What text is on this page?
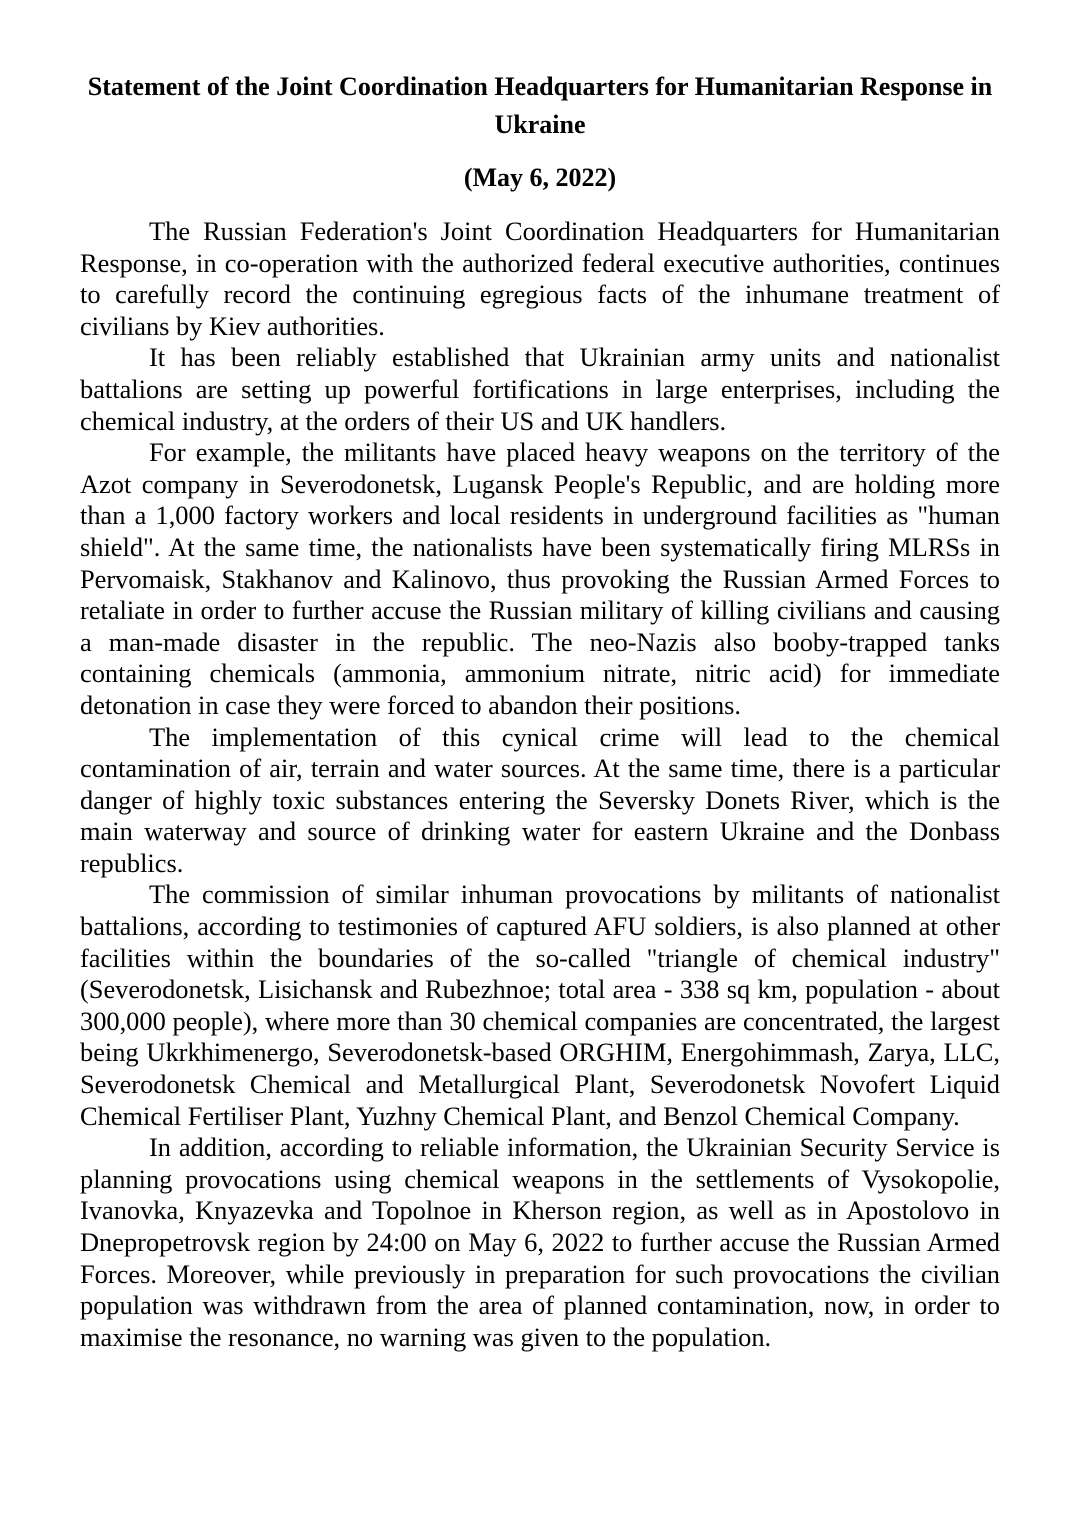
Statement of the Joint Coordination Headquarters for Humanitarian Response in Ukraine
(May 6, 2022)

The Russian Federation's Joint Coordination Headquarters for Humanitarian Response, in co-operation with the authorized federal executive authorities, continues to carefully record the continuing egregious facts of the inhumane treatment of civilians by Kiev authorities.

It has been reliably established that Ukrainian army units and nationalist battalions are setting up powerful fortifications in large enterprises, including the chemical industry, at the orders of their US and UK handlers.

For example, the militants have placed heavy weapons on the territory of the Azot company in Severodonetsk, Lugansk People's Republic, and are holding more than a 1,000 factory workers and local residents in underground facilities as "human shield". At the same time, the nationalists have been systematically firing MLRSs in Pervomaisk, Stakhanov and Kalinovo, thus provoking the Russian Armed Forces to retaliate in order to further accuse the Russian military of killing civilians and causing a man-made disaster in the republic. The neo-Nazis also booby-trapped tanks containing chemicals (ammonia, ammonium nitrate, nitric acid) for immediate detonation in case they were forced to abandon their positions.

The implementation of this cynical crime will lead to the chemical contamination of air, terrain and water sources. At the same time, there is a particular danger of highly toxic substances entering the Seversky Donets River, which is the main waterway and source of drinking water for eastern Ukraine and the Donbass republics.

The commission of similar inhuman provocations by militants of nationalist battalions, according to testimonies of captured AFU soldiers, is also planned at other facilities within the boundaries of the so-called "triangle of chemical industry" (Severodonetsk, Lisichansk and Rubezhnoe; total area - 338 sq km, population - about 300,000 people), where more than 30 chemical companies are concentrated, the largest being Ukrkhimenergo, Severodonetsk-based ORGHIM, Energohimmash, Zarya, LLC, Severodonetsk Chemical and Metallurgical Plant, Severodonetsk Novofert Liquid Chemical Fertiliser Plant, Yuzhny Chemical Plant, and Benzol Chemical Company.

In addition, according to reliable information, the Ukrainian Security Service is planning provocations using chemical weapons in the settlements of Vysokopolie, Ivanovka, Knyazevka and Topolnoe in Kherson region, as well as in Apostolovo in Dnepropetrovsk region by 24:00 on May 6, 2022 to further accuse the Russian Armed Forces. Moreover, while previously in preparation for such provocations the civilian population was withdrawn from the area of planned contamination, now, in order to maximise the resonance, no warning was given to the population.
